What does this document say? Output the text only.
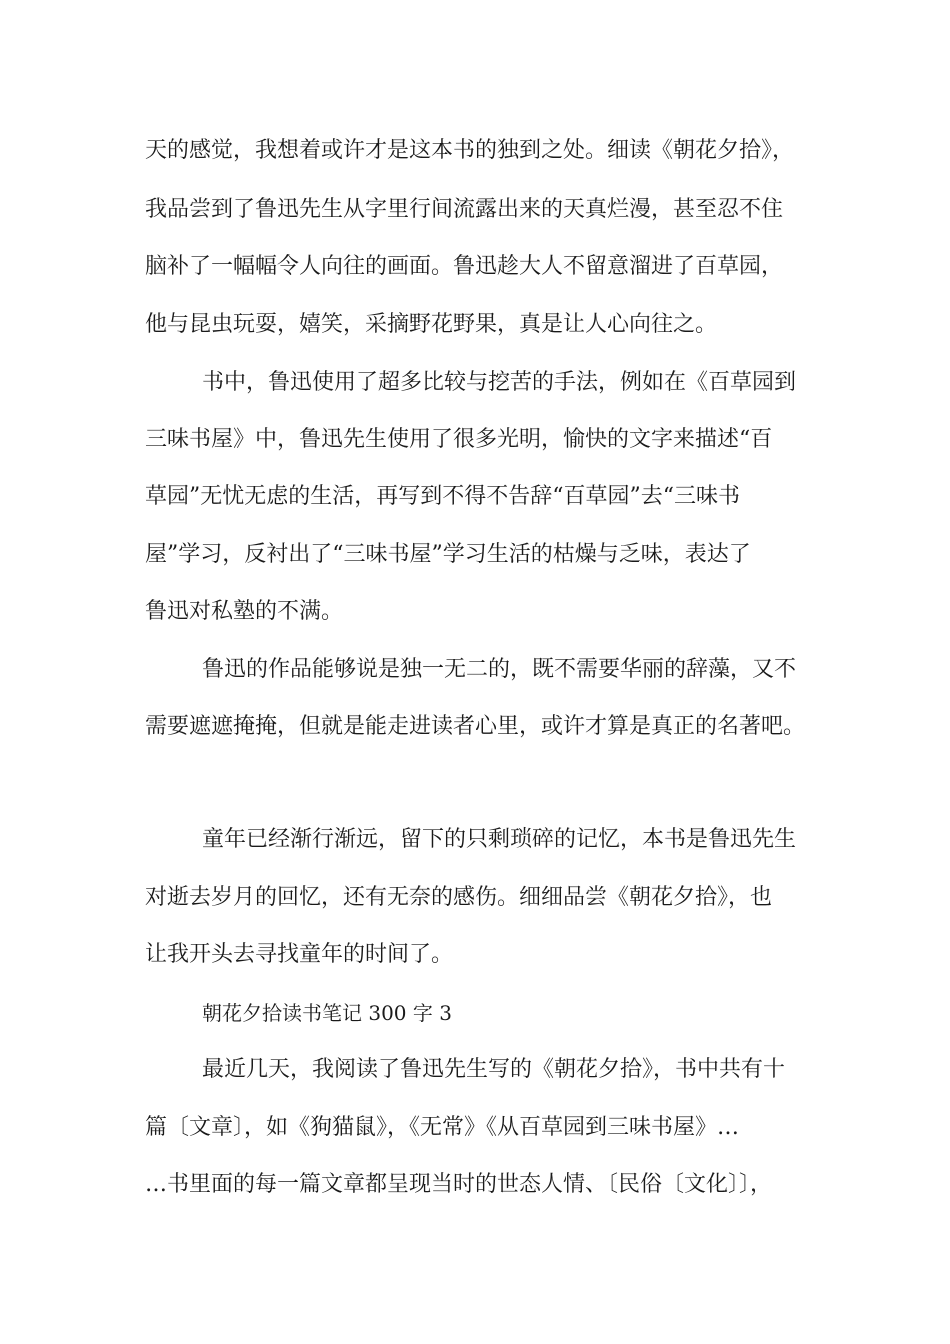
天的感觉，我想着或许才是这本书的独到之处。细读《朝花夕拾》，
我品尝到了鲁迅先生从字里行间流露出来的天真烂漫，甚至忍不住
脑补了一幅幅令人向往的画面。鲁迅趁大人不留意溜进了百草园，
他与昆虫玩耍，嬉笑，采摘野花野果，真是让人心向往之。
书中，鲁迅使用了超多比较与挖苦的手法，例如在《百草园到
三味书屋》中，鲁迅先生使用了很多光明，愉快的文字来描述“百
草园”无忧无虑的生活，再写到不得不告辞“百草园”去“三味书
屋”学习，反衬出了“三味书屋”学习生活的枯燥与乏味，表达了
鲁迅对私塾的不满。
鲁迅的作品能够说是独一无二的，既不需要华丽的辞藻，又不
需要遮遮掩掩，但就是能走进读者心里，或许才算是真正的名著吧。
童年已经渐行渐远，留下的只剩琐碎的记忆，本书是鲁迅先生
对逝去岁月的回忆，还有无奈的感伤。细细品尝《朝花夕拾》，也
让我开头去寻找童年的时间了。
朝花夕拾读书笔记 300 字 3
最近几天，我阅读了鲁迅先生写的《朝花夕拾》，书中共有十
篇〔文章〕，如《狗猫鼠》，《无常》《从百草园到三味书屋》…
…书里面的每一篇文章都呈现当时的世态人情、〔民俗〔文化〕〕，
